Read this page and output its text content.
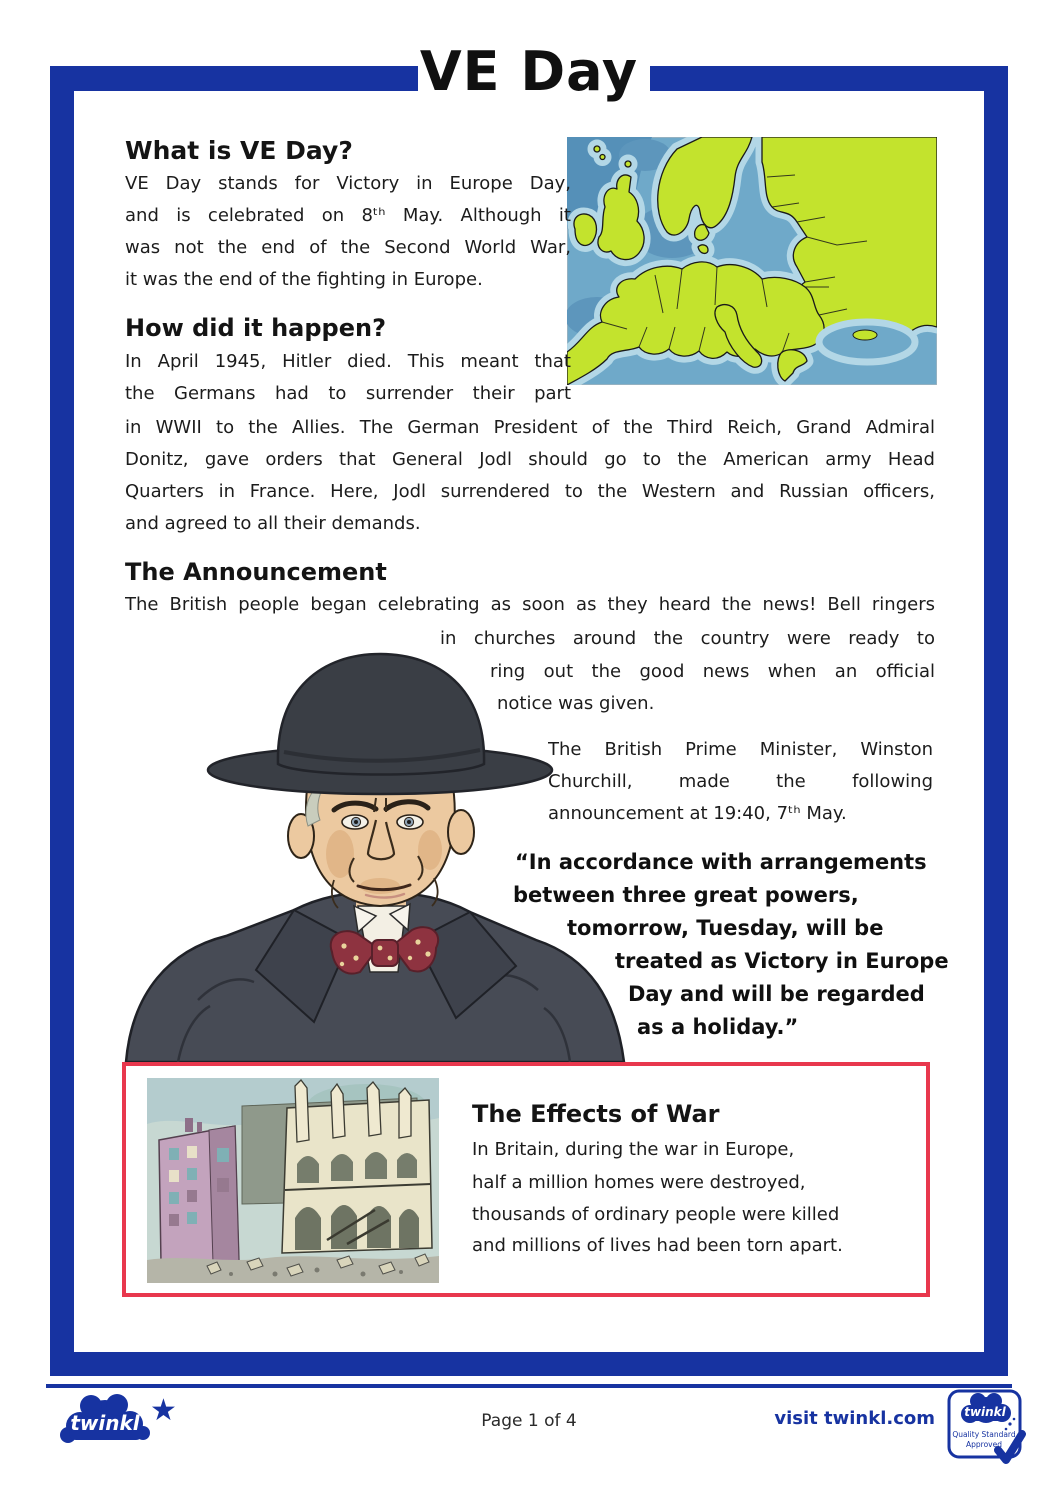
VE Day
What is VE Day?
VE Day stands for Victory in Europe Day,
and is celebrated on 8ᵗʰ May. Although it
was not the end of the Second World War,
it was the end of the fighting in Europe.
How did it happen?
In April 1945, Hitler died. This meant that
the Germans had to surrender their part
in WWII to the Allies. The German President of the Third Reich, Grand Admiral
Donitz, gave orders that General Jodl should go to the American army Head
Quarters in France. Here, Jodl surrendered to the Western and Russian officers,
and agreed to all their demands.
The Announcement
The British people began celebrating as soon as they heard the news! Bell ringers
in churches around the country were ready to
ring out the good news when an official
notice was given.
The British Prime Minister, Winston
Churchill, made the following
announcement at 19:40, 7ᵗʰ May.
“In accordance with arrangements
between three great powers,
tomorrow, Tuesday, will be
treated as Victory in Europe
Day and will be regarded
as a holiday.”
The Effects of War
In Britain, during the war in Europe,
half a million homes were destroyed,
thousands of ordinary people were killed
and millions of lives had been torn apart.
twinkl ★	Page 1 of 4	visit twinkl.com twinkl
Quality Standard
Approved
